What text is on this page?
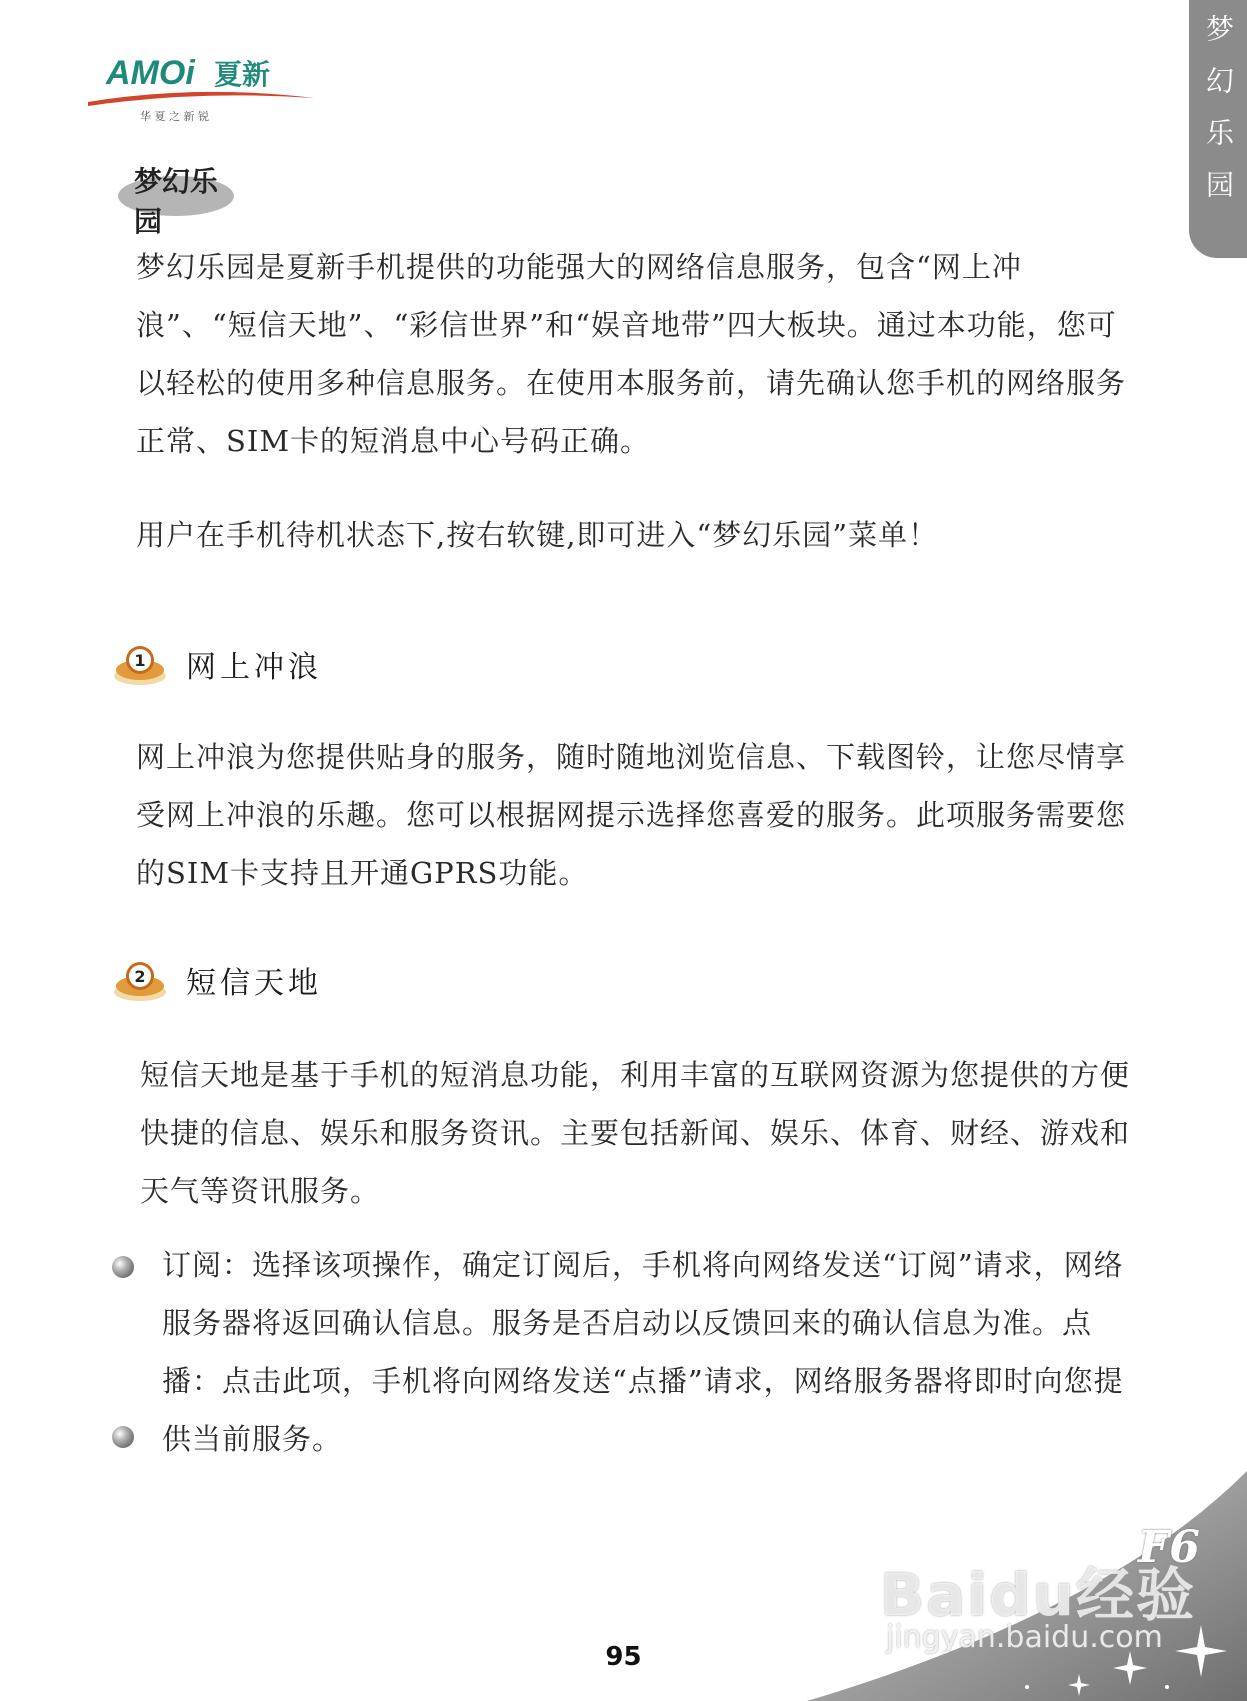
AMOi 夏新
华 夏 之 新 锐
梦幻乐园	梦幻乐园

梦幻乐园是夏新手机提供的功能强大的网络信息服务，包含“网上冲浪”、“短信天地”、“彩信世界”和“娱音地带”四大板块。通过本功能，您可以轻松的使用多种信息服务。在使用本服务前，请先确认您手机的网络服务正常、SIM卡的短消息中心号码正确。

用户在手机待机状态下,按右软键,即可进入“梦幻乐园”菜单！

1 网上冲浪

网上冲浪为您提供贴身的服务，随时随地浏览信息、下载图铃，让您尽情享受网上冲浪的乐趣。您可以根据网提示选择您喜爱的服务。此项服务需要您的SIM卡支持且开通GPRS功能。

2 短信天地

短信天地是基于手机的短消息功能，利用丰富的互联网资源为您提供的方便快捷的信息、娱乐和服务资讯。主要包括新闻、娱乐、体育、财经、游戏和天气等资讯服务。

订阅：选择该项操作，确定订阅后，手机将向网络发送“订阅”请求，网络服务器将返回确认信息。服务是否启动以反馈回来的确认信息为准。点播：点击此项，手机将向网络发送“点播”请求，网络服务器将即时向您提供当前服务。
F6
Baidu经验
jingyan.baidu.com
95
